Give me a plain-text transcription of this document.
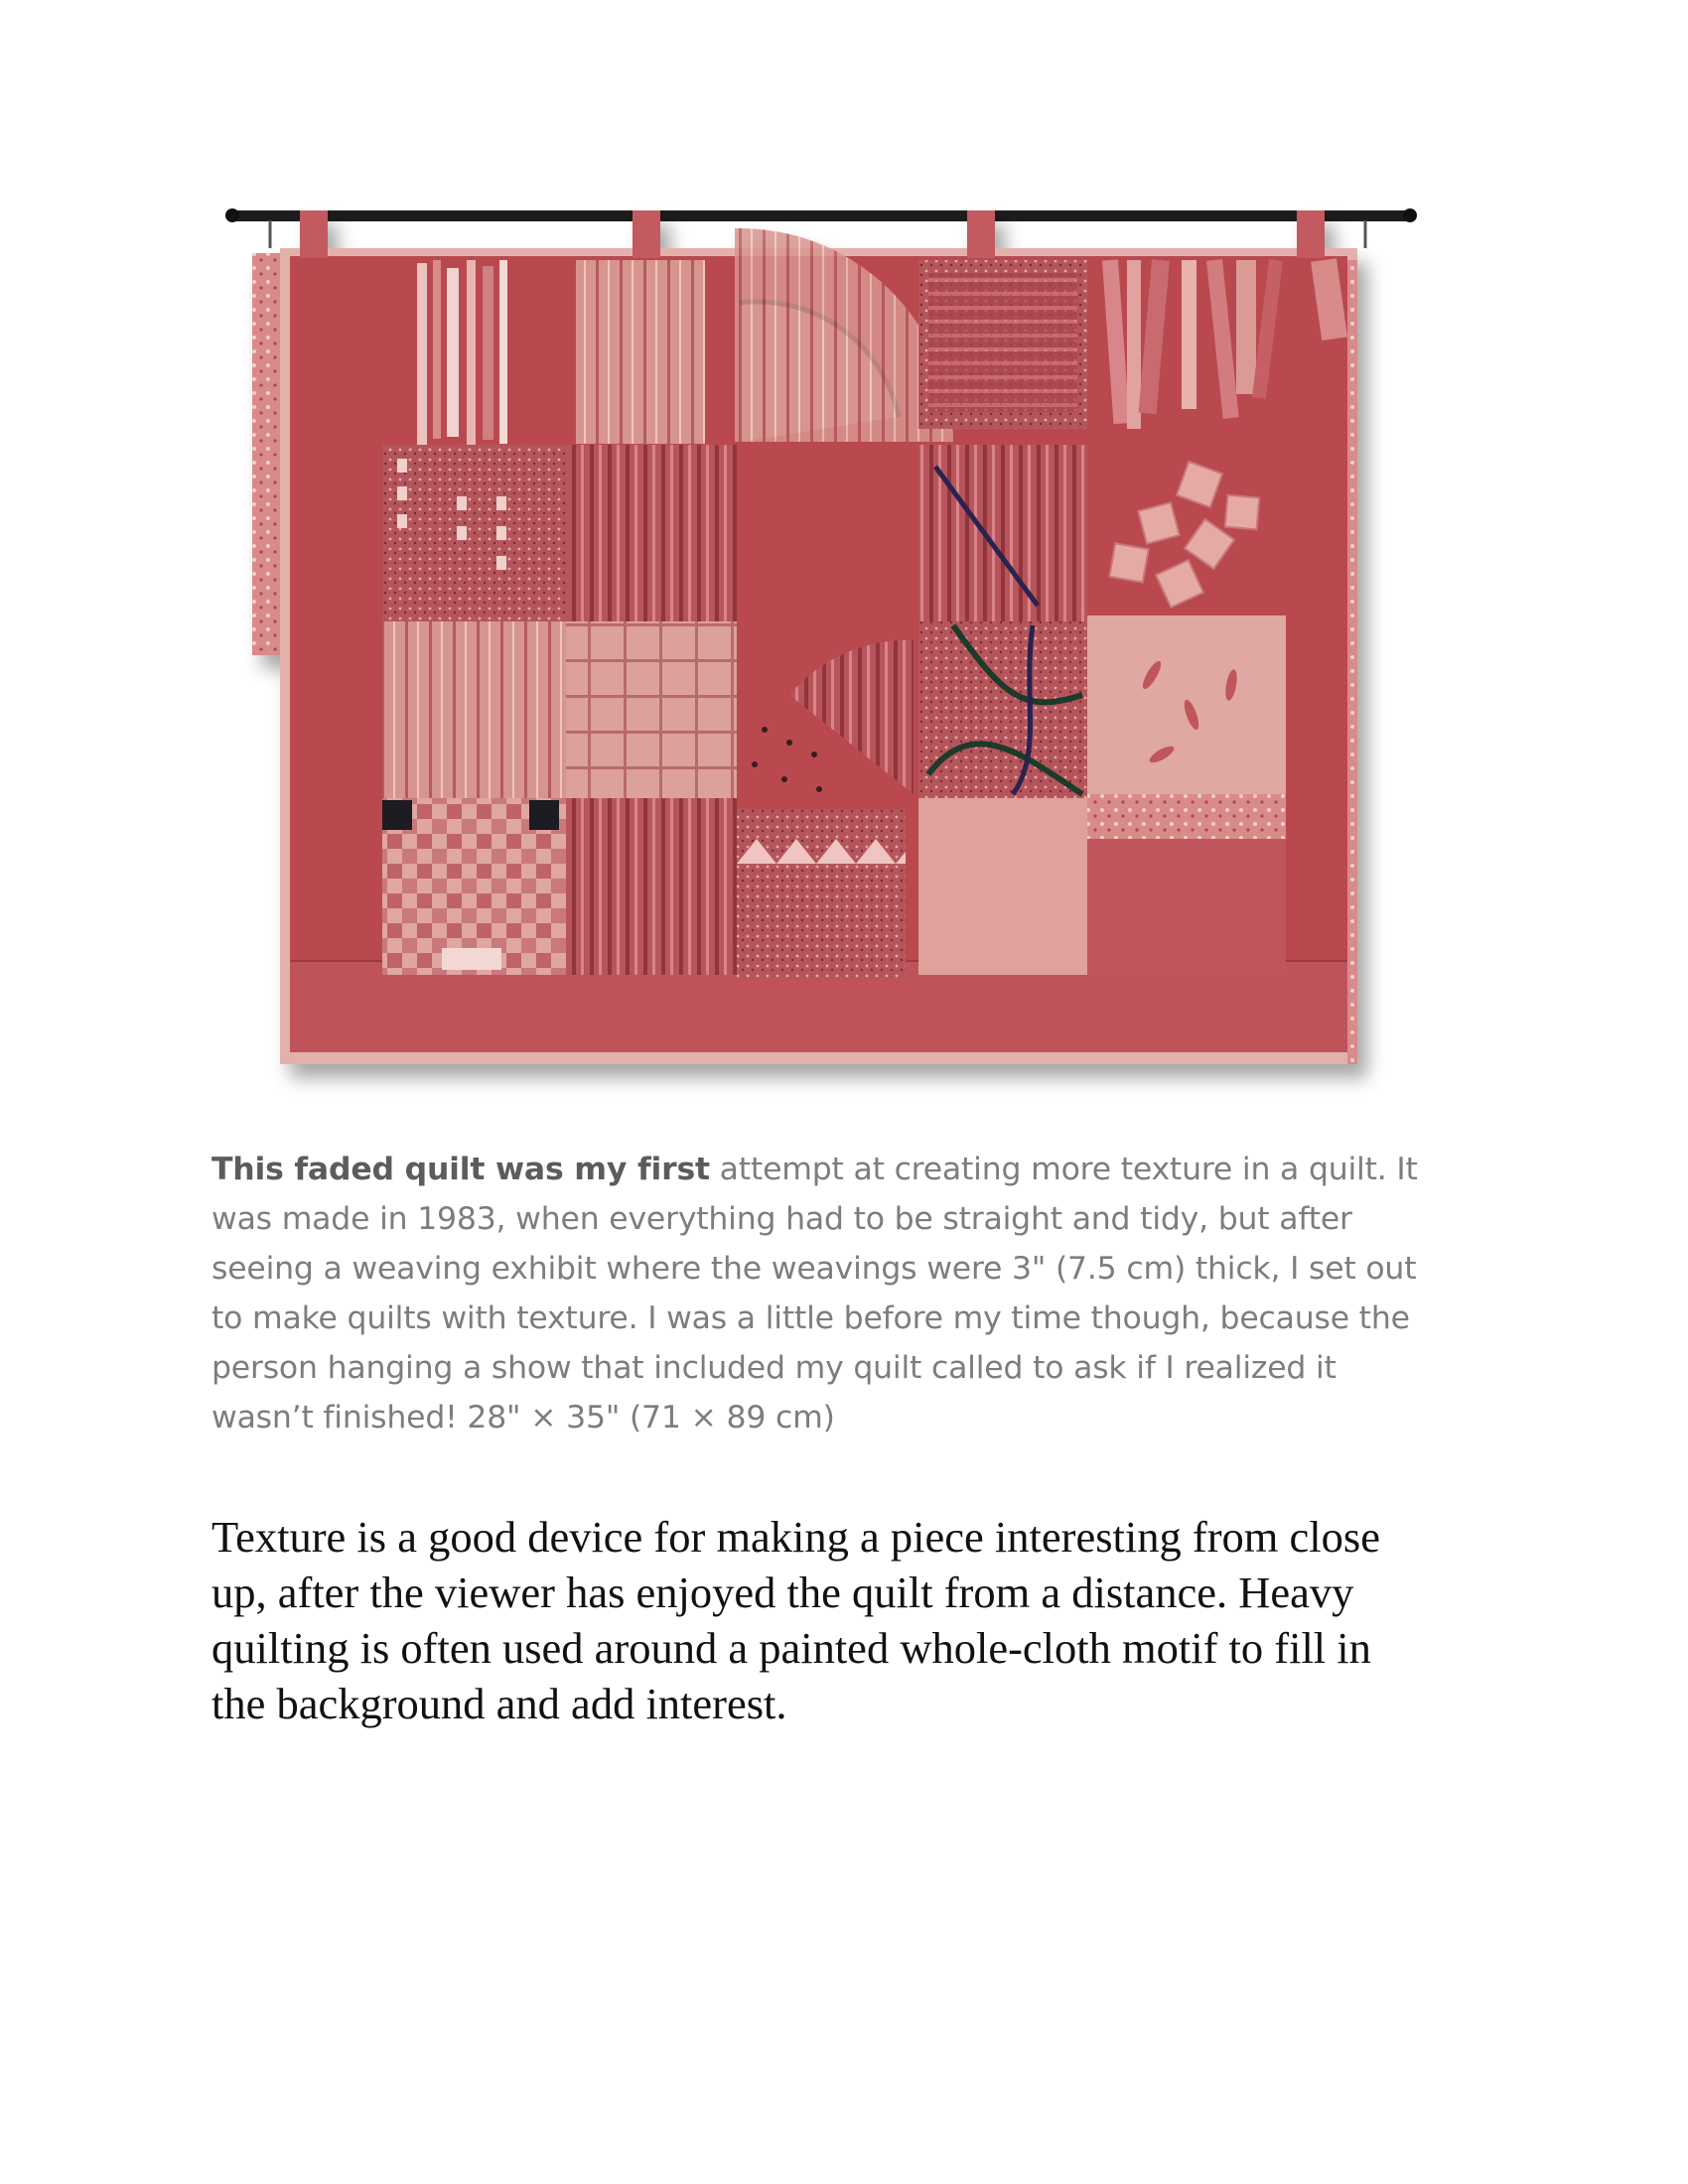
This faded quilt was my first attempt at creating more texture in a quilt. It
was made in 1983, when everything had to be straight and tidy, but after
seeing a weaving exhibit where the weavings were 3" (7.5 cm) thick, I set out
to make quilts with texture. I was a little before my time though, because the
person hanging a show that included my quilt called to ask if I realized it
wasn’t finished! 28" × 35" (71 × 89 cm)
Texture is a good device for making a piece interesting from close
up, after the viewer has enjoyed the quilt from a distance. Heavy
quilting is often used around a painted whole-cloth motif to fill in
the background and add interest.
